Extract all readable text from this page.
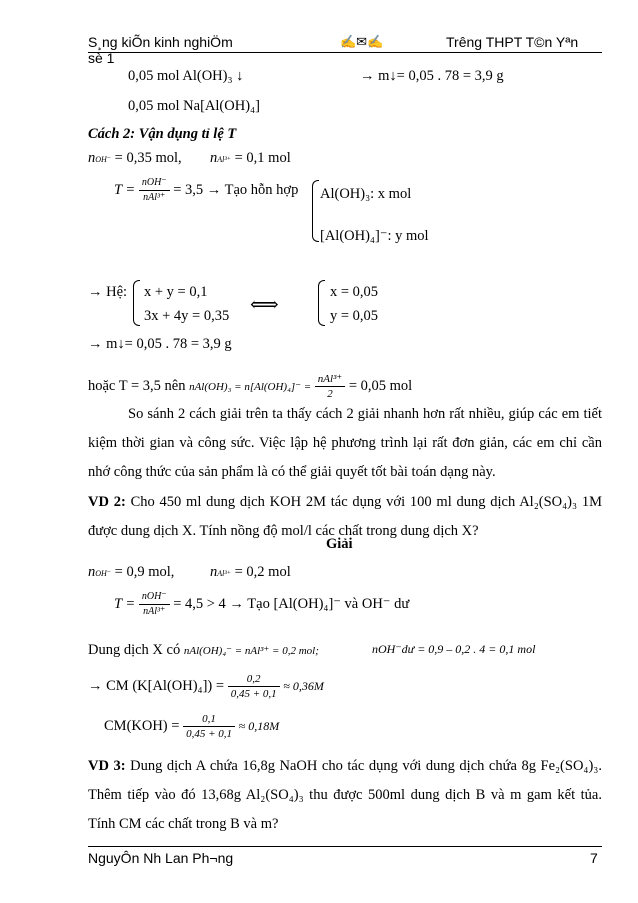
S¸ng kiÕn kinh nghiÖm
sè 1
✍✉✍	Trêng THPT T©n Yªn
0,05 mol Al(OH)₃ ↓	→ m↓= 0,05 . 78 = 3,9 g
0,05 mol Na[Al(OH)₄]
Cách 2: Vận dụng tỉ lệ T
nOH⁻ = 0,35 mol, nAl³⁺ = 0,1 mol
$T = \frac{\text{nOH⁻}}{\text{nAl³⁺}} = 3,5$ → Tạo hỗn hợp Al(OH)₃: x mol
[Al(OH)₄]⁻: y mol
→ Hệ: x + y = 0,1
3x + 4y = 0,35 ⟺
x = 0,05
y = 0,05
→ m↓= 0,05 . 78 = 3,9 g
hoặc T = 3,5 nên $nAl(OH)_3 = n[Al(OH)_4]^- = \frac{\text{nAl³⁺}}{2} = 0,05$ mol
So sánh 2 cách giải trên ta thấy cách 2 giải nhanh hơn rất nhiều, giúp các em tiết kiệm thời gian và công sức. Việc lập hệ phương trình lại rất đơn giản, các em chỉ cần nhớ công thức của sản phẩm là có thể giải quyết tốt bài toán dạng này.
VD 2: Cho 450 ml dung dịch KOH 2M tác dụng với 100 ml dung dịch Al₂(SO₄)₃ 1M được dung dịch X. Tính nồng độ mol/l các chất trong dung dịch X?
Giải
nOH⁻ = 0,9 mol, nAl³⁺ = 0,2 mol
$T = \frac{\text{nOH⁻}}{\text{nAl³⁺}} = 4,5 > 4$ → Tạo [Al(OH)₄]⁻ và OH⁻ dư
Dung dịch X có nAl(OH)₄⁻ = nAl³⁺ = 0,2 mol;	nOH⁻dư = 0,9 – 0,2 . 4 = 0,1 mol
→ CM $(K[Al(OH)_4]) = \frac{0,2}{0,45 + 0,1} \approx 0,36M$
$CM(KOH) = \frac{0,1}{0,45 + 0,1} \approx 0,18M$
VD 3: Dung dịch A chứa 16,8g NaOH cho tác dụng với dung dịch chứa 8g Fe₂(SO₄)₃. Thêm tiếp vào đó 13,68g Al₂(SO₄)₃ thu được 500ml dung dịch B và m gam kết tủa. Tính CM các chất trong B và m?
NguyÔn Nh Lan Ph¬ng	7
